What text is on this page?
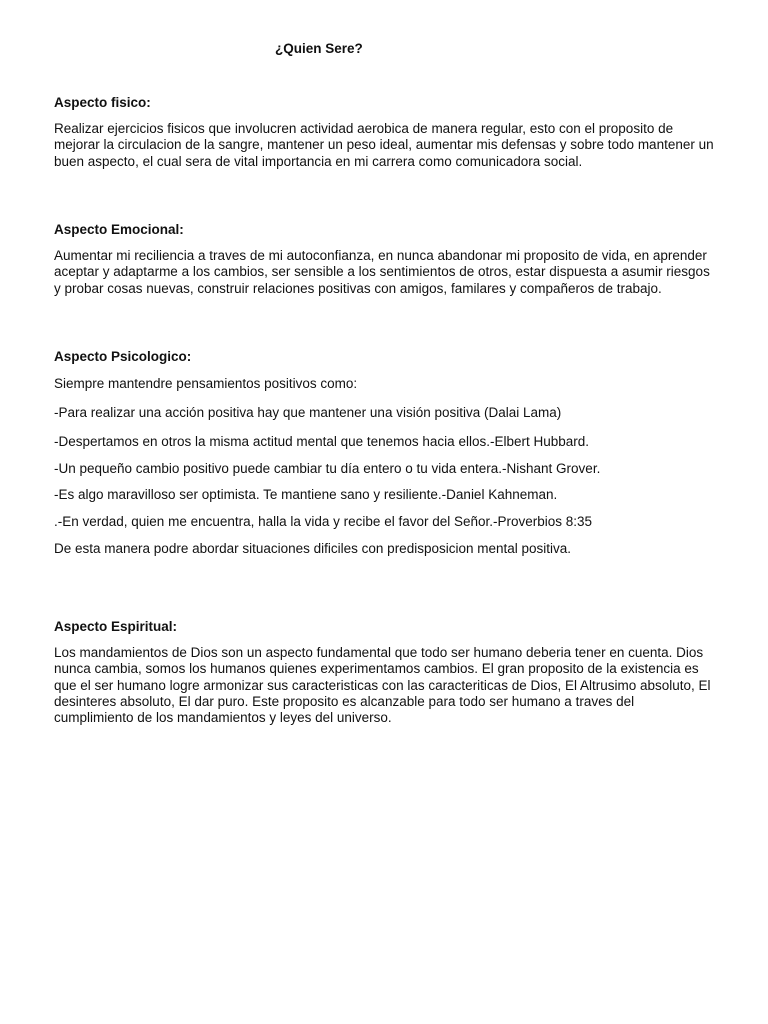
¿Quien Sere?
Aspecto fisico:

Realizar ejercicios fisicos que involucren actividad aerobica de manera regular, esto con el proposito de mejorar la circulacion de la sangre, mantener un peso ideal, aumentar mis defensas y sobre todo mantener un buen aspecto, el cual sera de vital importancia en mi carrera como comunicadora social.

Aspecto Emocional:

Aumentar mi reciliencia a traves de mi autoconfianza, en nunca abandonar mi proposito de vida, en aprender aceptar y adaptarme a los cambios, ser sensible a los sentimientos de otros, estar dispuesta a asumir riesgos y probar cosas nuevas, construir relaciones positivas con amigos, familares y compañeros de trabajo.

Aspecto Psicologico:

Siempre mantendre pensamientos positivos como:

-Para realizar una acción positiva hay que mantener una visión positiva (Dalai Lama)

-Despertamos en otros la misma actitud mental que tenemos hacia ellos.-Elbert Hubbard.

-Un pequeño cambio positivo puede cambiar tu día entero o tu vida entera.-Nishant Grover.

-Es algo maravilloso ser optimista. Te mantiene sano y resiliente.-Daniel Kahneman.

.-En verdad, quien me encuentra, halla la vida y recibe el favor del Señor.-Proverbios 8:35

De esta manera podre abordar situaciones dificiles con predisposicion mental positiva.

Aspecto Espiritual:

Los mandamientos de Dios son un aspecto fundamental que todo ser humano deberia tener en cuenta. Dios nunca cambia, somos los humanos quienes experimentamos cambios. El gran proposito de la existencia es que el ser humano logre armonizar sus caracteristicas con las caracteriticas de Dios, El Altrusimo absoluto, El desinteres absoluto, El dar puro. Este proposito es alcanzable para todo ser humano a traves del cumplimiento de los mandamientos y leyes del universo.
